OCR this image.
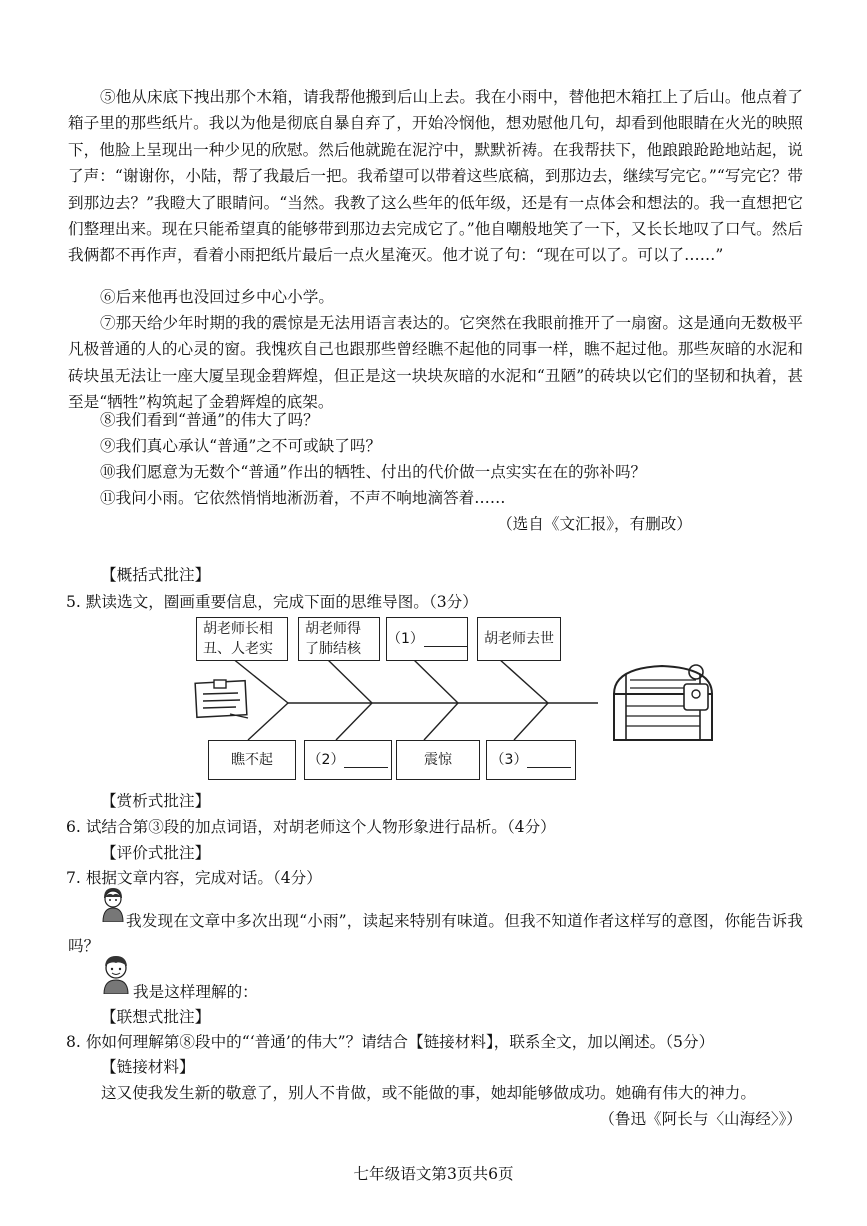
⑤他从床底下拽出那个木箱，请我帮他搬到后山上去。我在小雨中，替他把木箱扛上了后山。他点着了箱子里的那些纸片。我以为他是彻底自暴自弃了，开始冷悯他，想劝慰他几句，却看到他眼睛在火光的映照下，他脸上呈现出一种少见的欣慰。然后他就跪在泥泞中，默默祈祷。在我帮扶下，他踉踉跄跄地站起，说了声：“谢谢你，小陆，帮了我最后一把。我希望可以带着这些底稿，到那边去，继续写完它。”“写完它？带到那边去？”我瞪大了眼睛问。“当然。我教了这么些年的低年级，还是有一点体会和想法的。我一直想把它们整理出来。现在只能希望真的能够带到那边去完成它了。”他自嘲般地笑了一下，又长长地叹了口气。然后我俩都不再作声，看着小雨把纸片最后一点火星淹灭。他才说了句：“现在可以了。可以了……”

⑥后来他再也没回过乡中心小学。

⑦那天给少年时期的我的震惊是无法用语言表达的。它突然在我眼前推开了一扇窗。这是通向无数极平凡极普通的人的心灵的窗。我愧疚自己也跟那些曾经瞧不起他的同事一样，瞧不起过他。那些灰暗的水泥和砖块虽无法让一座大厦呈现金碧辉煌，但正是这一块块灰暗的水泥和“丑陋”的砖块以它们的坚韧和执着，甚至是“牺牲”构筑起了金碧辉煌的底架。

⑧我们看到“普通”的伟大了吗？

⑨我们真心承认“普通”之不可或缺了吗？

⑩我们愿意为无数个“普通”作出的牺牲、付出的代价做一点实实在在的弥补吗？

⑪我问小雨。它依然悄悄地淅沥着，不声不响地滴答着……

（选自《文汇报》，有删改）
【概括式批注】
5. 默读选文，圈画重要信息，完成下面的思维导图。（3分）
胡老师长相丑、人老实
胡老师得了肺结核
（1）	胡老师去世
瞧不起	（2）	震惊	（3）
【赏析式批注】
6. 试结合第③段的加点词语，对胡老师这个人物形象进行品析。（4分）
【评价式批注】
7. 根据文章内容，完成对话。（4分）
我发现在文章中多次出现“小雨”，读起来特别有味道。但我不知道作者这样写的意图，你能告诉我吗？
我是这样理解的：
【联想式批注】
8. 你如何理解第⑧段中的“‘普通’的伟大”？请结合【链接材料】，联系全文，加以阐述。（5分）
【链接材料】
这又使我发生新的敬意了，别人不肯做，或不能做的事，她却能够做成功。她确有伟大的神力。
（鲁迅《阿长与〈山海经〉》）
七年级语文第3页共6页
